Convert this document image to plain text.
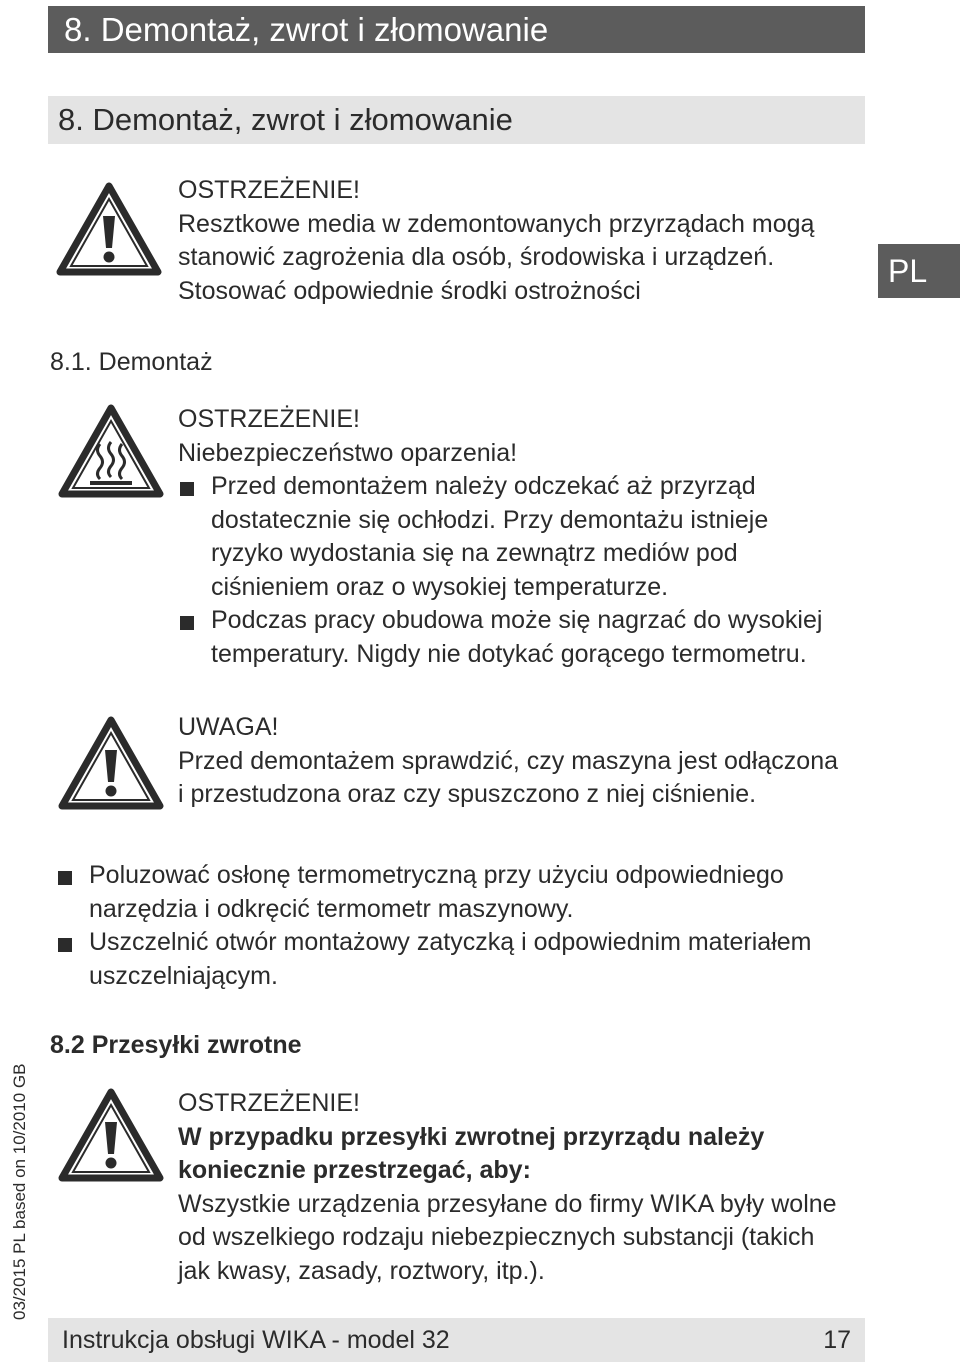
8. Demontaż, zwrot i złomowanie
8. Demontaż, zwrot i złomowanie
PL

OSTRZEŻENIE!

Resztkowe media w zdemontowanych przyrządach mogą

stanowić zagrożenia dla osób, środowiska i urządzeń.

Stosować odpowiednie środki ostrożności

8.1. Demontaż

OSTRZEŻENIE!

Niebezpieczeństwo oparzenia!

Przed demontażem należy odczekać aż przyrząd

dostatecznie się ochłodzi. Przy demontażu istnieje

ryzyko wydostania się na zewnątrz mediów pod

ciśnieniem oraz o wysokiej temperaturze.

Podczas pracy obudowa może się nagrzać do wysokiej

temperatury. Nigdy nie dotykać gorącego termometru.

UWAGA!

Przed demontażem sprawdzić, czy maszyna jest odłączona

i przestudzona oraz czy spuszczono z niej ciśnienie.

Poluzować osłonę termometryczną przy użyciu odpowiedniego

narzędzia i odkręcić termometr maszynowy.

Uszczelnić otwór montażowy zatyczką i odpowiednim materiałem

uszczelniającym.

8.2 Przesyłki zwrotne

OSTRZEŻENIE!

W przypadku przesyłki zwrotnej przyrządu należy

koniecznie przestrzegać, aby:

Wszystkie urządzenia przesyłane do firmy WIKA były wolne

od wszelkiego rodzaju niebezpiecznych substancji (takich

jak kwasy, zasady, roztwory, itp.).

03/2015 PL based on 10/2010 GB
Instrukcja obsługi WIKA - model 32	17
